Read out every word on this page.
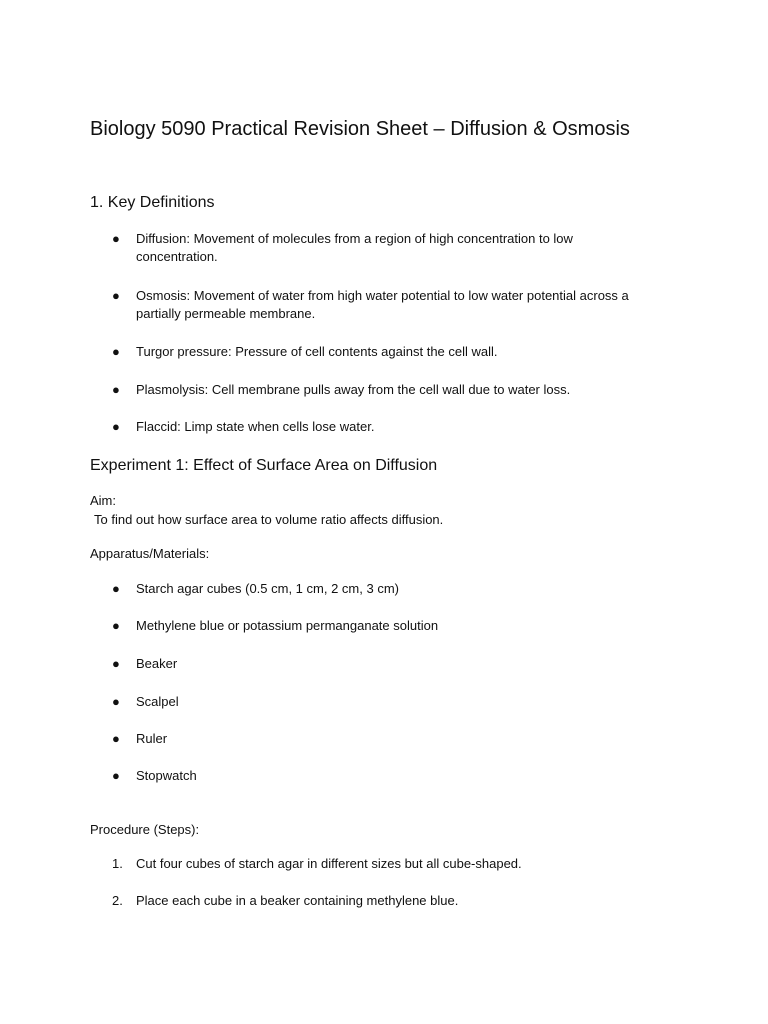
Biology 5090 Practical Revision Sheet – Diffusion & Osmosis
1. Key Definitions
●	Diffusion: Movement of molecules from a region of high concentration to low concentration.
●	Osmosis: Movement of water from high water potential to low water potential across a partially permeable membrane.
●	Turgor pressure: Pressure of cell contents against the cell wall.
●	Plasmolysis: Cell membrane pulls away from the cell wall due to water loss.
●	Flaccid: Limp state when cells lose water.
Experiment 1: Effect of Surface Area on Diffusion

Aim:

To find out how surface area to volume ratio affects diffusion.

Apparatus/Materials:

●	Starch agar cubes (0.5 cm, 1 cm, 2 cm, 3 cm)
●	Methylene blue or potassium permanganate solution
●	Beaker
●	Scalpel
●	Ruler
●	Stopwatch

Procedure (Steps):

1.	Cut four cubes of starch agar in different sizes but all cube-shaped.
2.	Place each cube in a beaker containing methylene blue.
